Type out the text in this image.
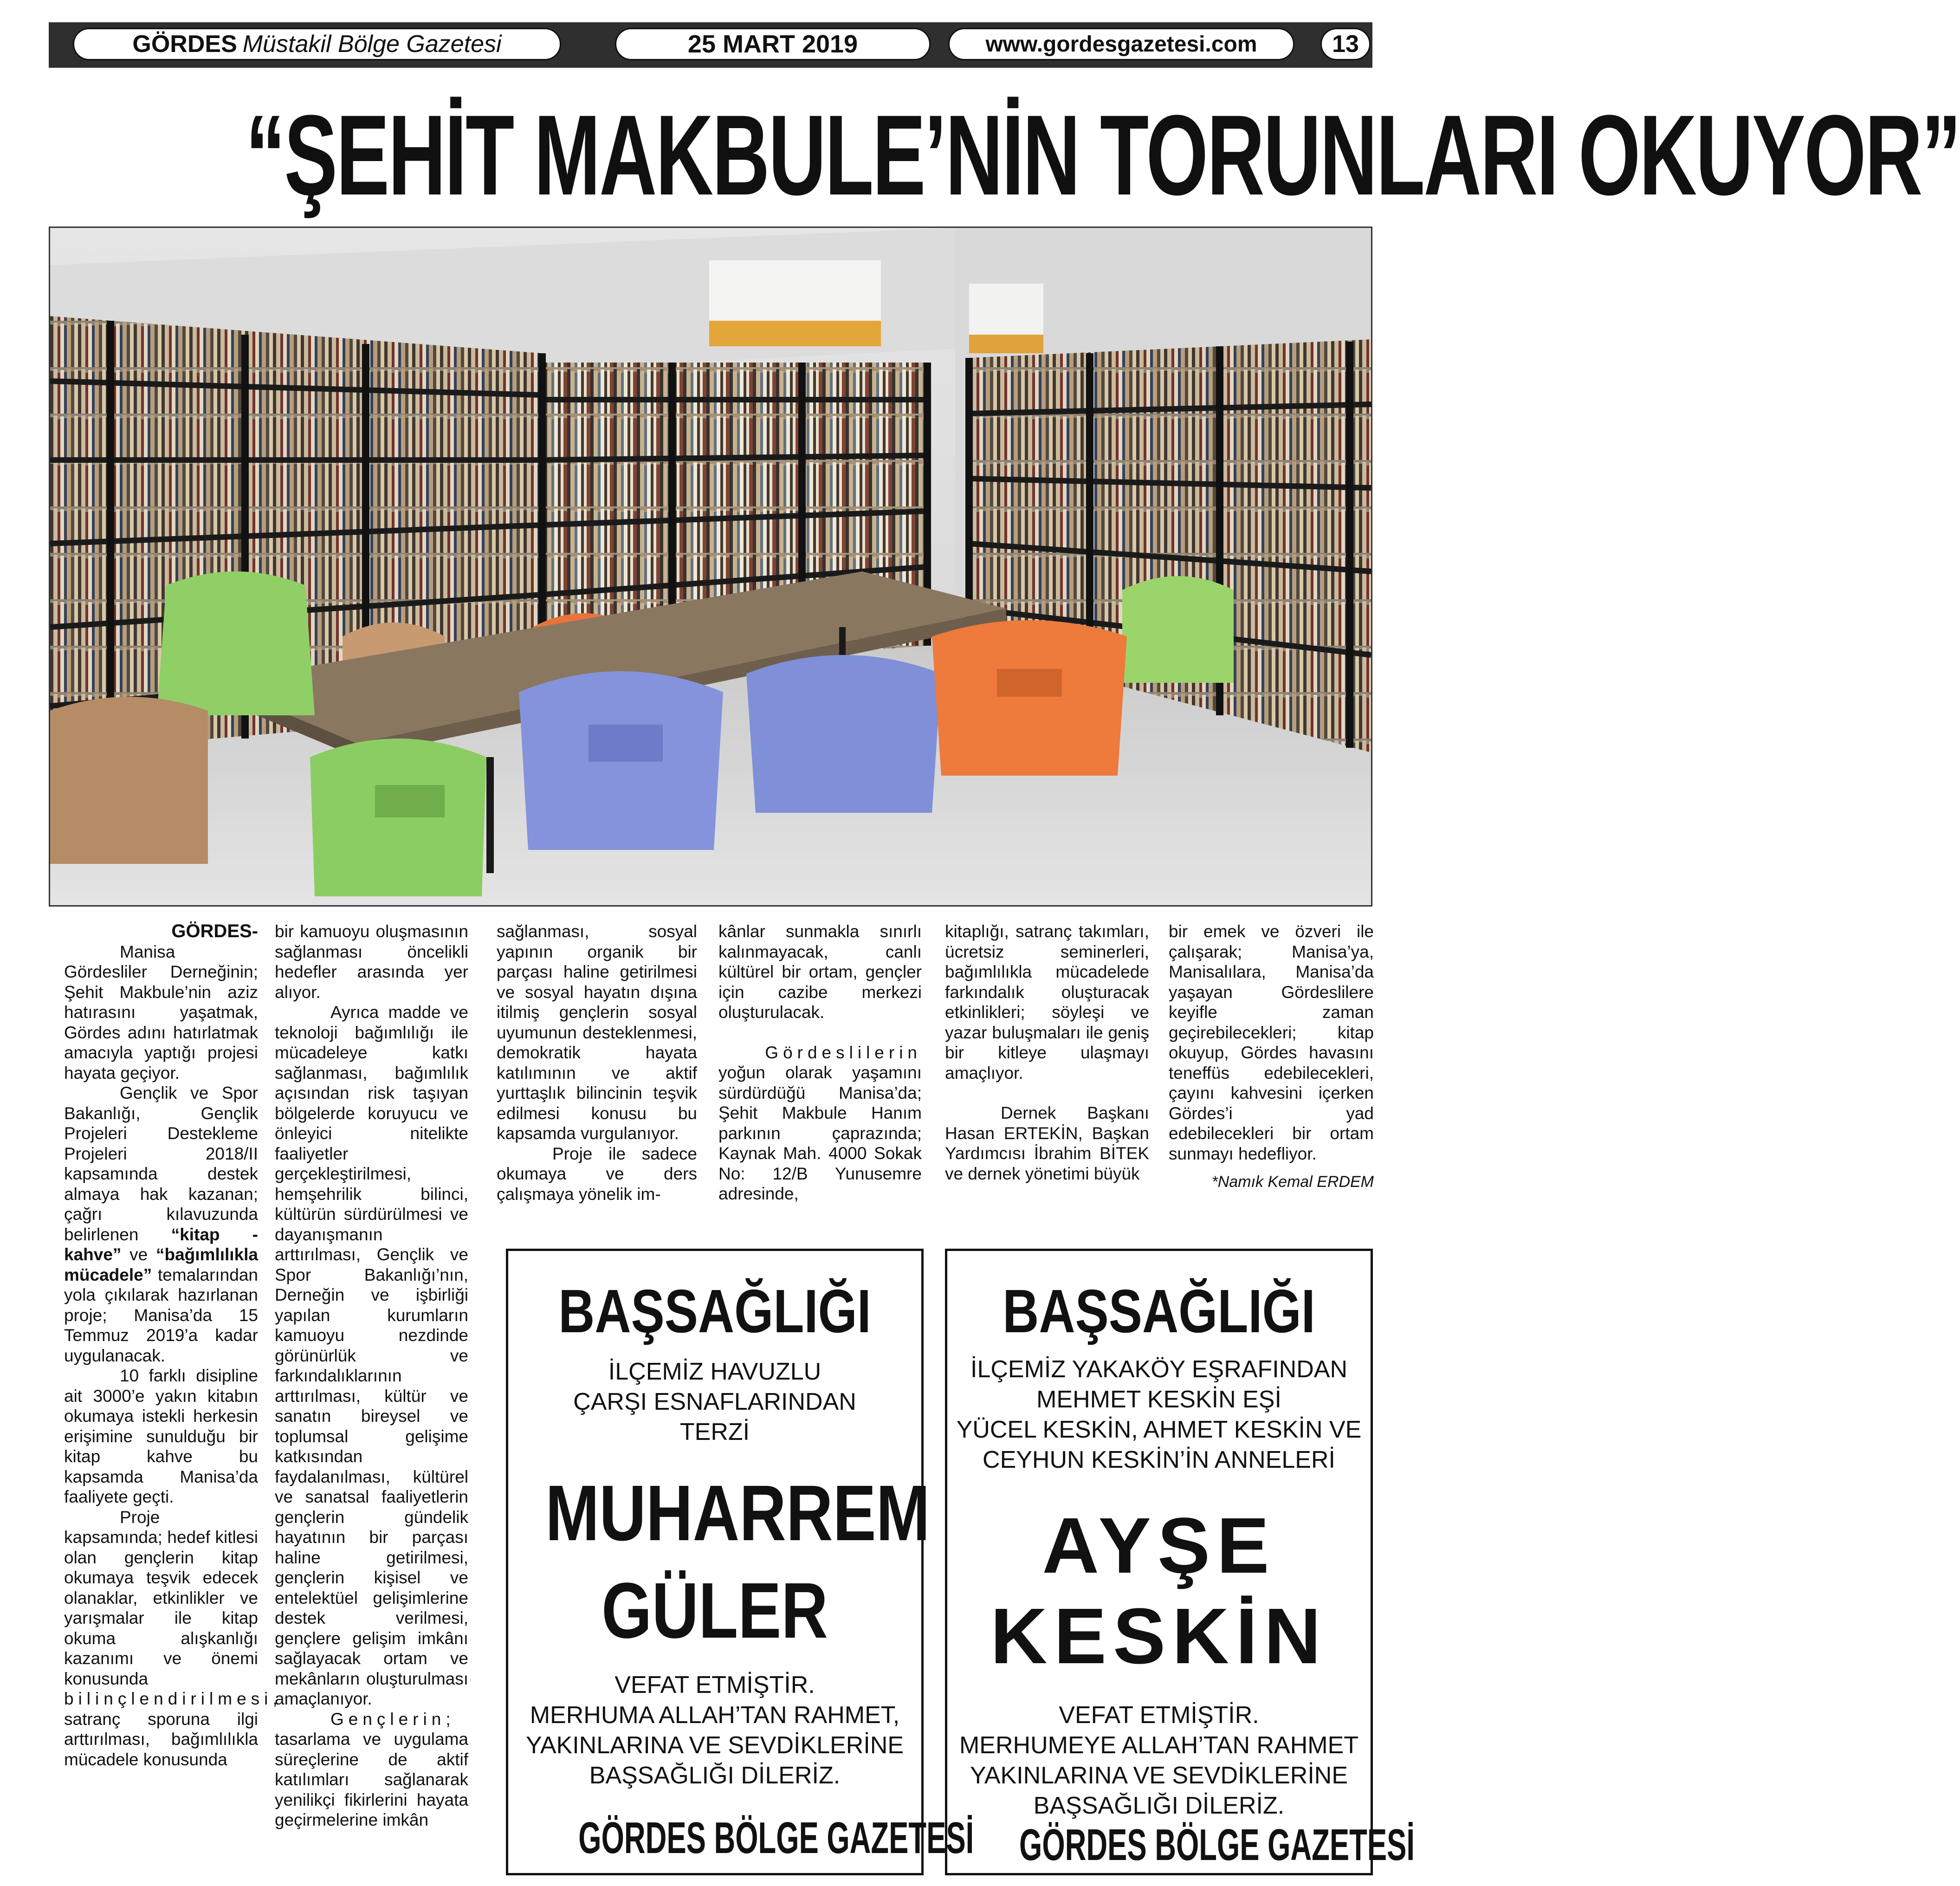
GÖRDES Müstakil Bölge Gazetesi	25 MART 2019	www.gordesgazetesi.com	13
“ŞEHİT MAKBULE’NİN TORUNLARI OKUYOR”

GÖRDES-

Manisa Gördesliler Derneğinin; Şehit Makbule’nin aziz hatırasını yaşatmak, Gördes adını hatırlatmak amacıyla yaptığı projesi hayata geçiyor.

Gençlik ve Spor Bakanlığı, Gençlik Projeleri Destekleme Projeleri 2018/II kapsamında destek almaya hak kazanan; çağrı kılavuzunda belirlenen “kitap - kahve” ve “bağımlılıkla mücadele” temalarından yola çıkılarak hazırlanan proje; Manisa’da 15 Temmuz 2019’a kadar uygulanacak.

10 farklı disipline ait 3000’e yakın kitabın okumaya istekli herkesin erişimine sunulduğu bir kitap kahve bu kapsamda Manisa’da faaliyete geçti.

Proje kapsamında; hedef kitlesi olan gençlerin kitap okumaya teşvik edecek olanaklar, etkinlikler ve yarışmalar ile kitap okuma alışkanlığı kazanımı ve önemi konusunda

bilinçlendirilmesi,

satranç sporuna ilgi arttırılması, bağımlılıkla mücadele konusunda

bir kamuoyu oluşmasının sağlanması öncelikli hedefler arasında yer alıyor.

Ayrıca madde ve teknoloji bağımlılığı ile mücadeleye katkı sağlanması, bağımlılık açısından risk taşıyan bölgelerde koruyucu ve önleyici nitelikte faaliyetler gerçekleştirilmesi, hemşehrilik bilinci, kültürün sürdürülmesi ve dayanışmanın arttırılması, Gençlik ve Spor Bakanlığı’nın, Derneğin ve işbirliği yapılan kurumların kamuoyu nezdinde görünürlük ve farkındalıklarının arttırılması, kültür ve sanatın bireysel ve toplumsal gelişime katkısından faydalanılması, kültürel ve sanatsal faaliyetlerin gençlerin gündelik hayatının bir parçası haline getirilmesi, gençlerin kişisel ve entelektüel gelişimlerine destek verilmesi, gençlere gelişim imkânı sağlayacak ortam ve mekânların oluşturulması amaçlanıyor.

Gençlerin;

tasarlama ve uygulama süreçlerine de aktif katılımları sağlanarak yenilikçi fikirlerini hayata geçirmelerine imkân

sağlanması, sosyal yapının organik bir parçası haline getirilmesi ve sosyal hayatın dışına itilmiş gençlerin sosyal uyumunun desteklenmesi, demokratik hayata katılımının ve aktif yurttaşlık bilincinin teşvik edilmesi konusu bu kapsamda vurgulanıyor.

Proje ile sadece okumaya ve ders çalışmaya yönelik im-

kânlar sunmakla sınırlı kalınmayacak, canlı kültürel bir ortam, gençler için cazibe merkezi oluşturulacak.

Gördeslilerin

yoğun olarak yaşamını sürdürdüğü Manisa’da; Şehit Makbule Hanım parkının çaprazında; Kaynak Mah. 4000 Sokak No: 12/B Yunusemre adresinde,

kitaplığı, satranç takımları, ücretsiz seminerleri, bağımlılıkla mücadelede farkındalık oluşturacak etkinlikleri; söyleşi ve yazar buluşmaları ile geniş bir kitleye ulaşmayı amaçlıyor.

Dernek Başkanı Hasan ERTEKİN, Başkan Yardımcısı İbrahim BİTEK ve dernek yönetimi büyük

bir emek ve özveri ile çalışarak; Manisa’ya, Manisalılara, Manisa’da yaşayan Gördeslilere keyifle zaman geçirebilecekleri; kitap okuyup, Gördes havasını teneffüs edebilecekleri, çayını kahvesini içerken Gördes’i yad edebilecekleri bir ortam sunmayı hedefliyor.

*Namık Kemal ERDEM

BAŞSAĞLIĞI
İLÇEMİZ HAVUZLU
ÇARŞI ESNAFLARINDAN
TERZİ
MUHARREM
GÜLER
VEFAT ETMİŞTİR.
MERHUMA ALLAH’TAN RAHMET,
YAKINLARINA VE SEVDİKLERİNE
BAŞSAĞLIĞI DİLERİZ.
GÖRDES BÖLGE GAZETESİ
BAŞSAĞLIĞI
İLÇEMİZ YAKAKÖY EŞRAFINDAN
MEHMET KESKİN EŞİ
YÜCEL KESKİN, AHMET KESKİN VE
CEYHUN KESKİN’İN ANNELERİ
AYŞE
KESKİN
VEFAT ETMİŞTİR.
MERHUMEYE ALLAH’TAN RAHMET
YAKINLARINA VE SEVDİKLERİNE
BAŞSAĞLIĞI DİLERİZ.
GÖRDES BÖLGE GAZETESİ
